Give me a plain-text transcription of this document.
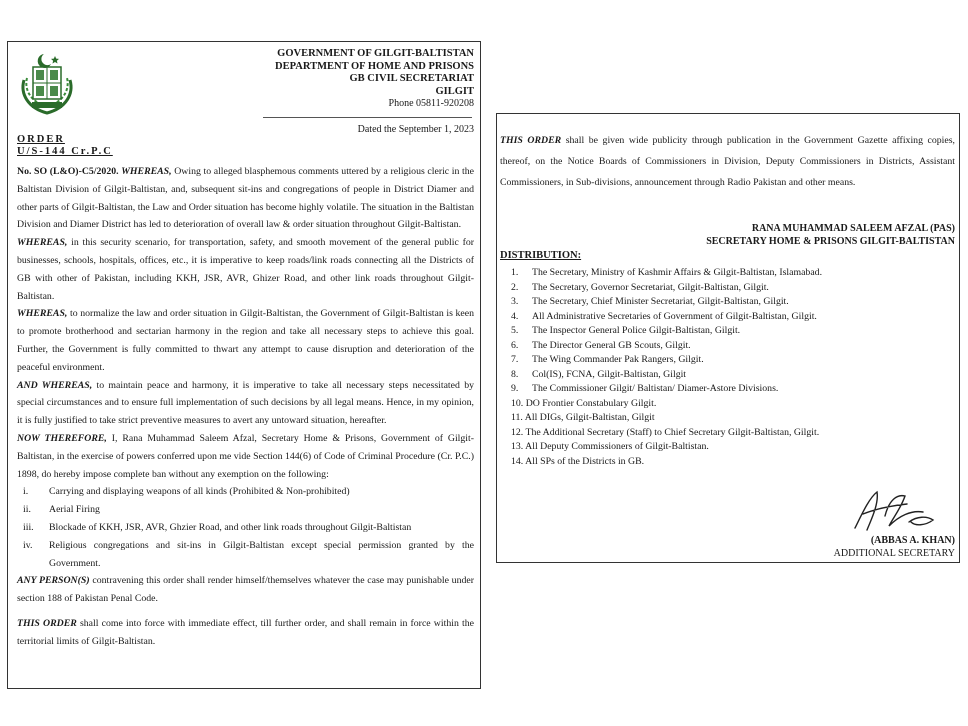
GOVERNMENT OF GILGIT-BALTISTAN
DEPARTMENT OF HOME AND PRISONS
GB CIVIL SECRETARIAT
GILGIT
Phone 05811-920208
Dated the September 1, 2023
ORDER
U/S-144 Cr.P.C

No. SO (L&O)-C5/2020. WHEREAS, Owing to alleged blasphemous comments uttered by a religious cleric in the Baltistan Division of Gilgit-Baltistan, and, subsequent sit-ins and congregations of people in District Diamer and other parts of Gilgit-Baltistan, the Law and Order situation has become highly volatile. The situation in the Baltistan Division and Diamer District has led to deterioration of overall law & order situation throughout Gilgit-Baltistan.

WHEREAS, in this security scenario, for transportation, safety, and smooth movement of the general public for businesses, schools, hospitals, offices, etc., it is imperative to keep roads/link roads connecting all the Districts of GB with other of Pakistan, including KKH, JSR, AVR, Ghizer Road, and other link roads throughout Gilgit-Baltistan.

WHEREAS, to normalize the law and order situation in Gilgit-Baltistan, the Government of Gilgit-Baltistan is keen to promote brotherhood and sectarian harmony in the region and take all necessary steps to achieve this goal. Further, the Government is fully committed to thwart any attempt to cause disruption and deterioration of the peaceful environment.

AND WHEREAS, to maintain peace and harmony, it is imperative to take all necessary steps necessitated by special circumstances and to ensure full implementation of such decisions by all legal means. Hence, in my opinion, it is fully justified to take strict preventive measures to avert any untoward situation, hereafter.

NOW THEREFORE, I, Rana Muhammad Saleem Afzal, Secretary Home & Prisons, Government of Gilgit-Baltistan, in the exercise of powers conferred upon me vide Section 144(6) of Code of Criminal Procedure (Cr. P.C.) 1898, do hereby impose complete ban without any exemption on the following:

i.	Carrying and displaying weapons of all kinds (Prohibited & Non-prohibited)
ii.	Aerial Firing
iii.	Blockade of KKH, JSR, AVR, Ghzier Road, and other link roads throughout Gilgit-Baltistan
iv.	Religious congregations and sit-ins in Gilgit-Baltistan except special permission granted by the Government.

ANY PERSON(S) contravening this order shall render himself/themselves whatever the case may punishable under section 188 of Pakistan Penal Code.

THIS ORDER shall come into force with immediate effect, till further order, and shall remain in force within the territorial limits of Gilgit-Baltistan.

THIS ORDER shall be given wide publicity through publication in the Government Gazette affixing copies, thereof, on the Notice Boards of Commissioners in Division, Deputy Commissioners in Districts, Assistant Commissioners, in Sub-divisions, announcement through Radio Pakistan and other means.
RANA MUHAMMAD SALEEM AFZAL (PAS)
SECRETARY HOME & PRISONS GILGIT-BALTISTAN
DISTRIBUTION:
1.	The Secretary, Ministry of Kashmir Affairs & Gilgit-Baltistan, Islamabad.
2.	The Secretary, Governor Secretariat, Gilgit-Baltistan, Gilgit.
3.	The Secretary, Chief Minister Secretariat, Gilgit-Baltistan, Gilgit.
4.	All Administrative Secretaries of Government of Gilgit-Baltistan, Gilgit.
5.	The Inspector General Police Gilgit-Baltistan, Gilgit.
6.	The Director General GB Scouts, Gilgit.
7.	The Wing Commander Pak Rangers, Gilgit.
8.	Col(IS), FCNA, Gilgit-Baltistan, Gilgit
9.	The Commissioner Gilgit/ Baltistan/ Diamer-Astore Divisions.
10. DO Frontier Constabulary Gilgit.
11. All DIGs, Gilgit-Baltistan, Gilgit
12. The Additional Secretary (Staff) to Chief Secretary Gilgit-Baltistan, Gilgit.
13. All Deputy Commissioners of Gilgit-Baltistan.
14. All SPs of the Districts in GB.
(ABBAS A. KHAN)
ADDITIONAL SECRETARY
